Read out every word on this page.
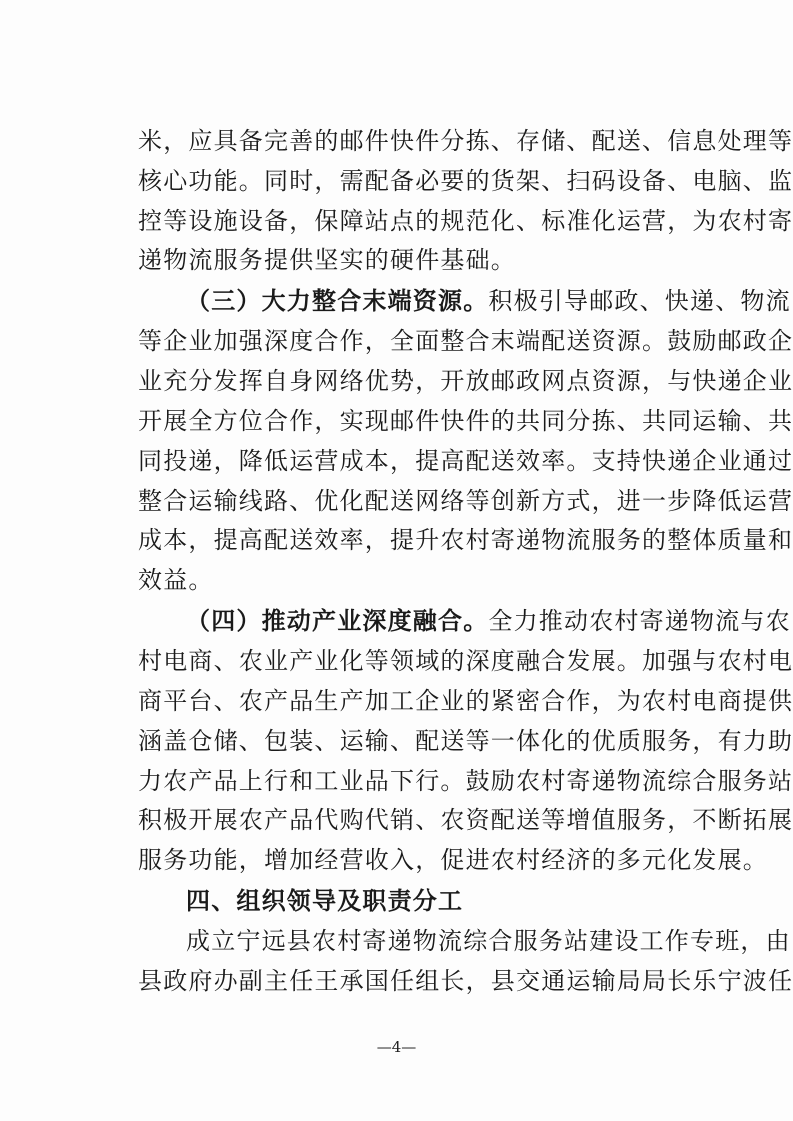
米，应具备完善的邮件快件分拣、存储、配送、信息处理等
核心功能。同时，需配备必要的货架、扫码设备、电脑、监
控等设施设备，保障站点的规范化、标准化运营，为农村寄
递物流服务提供坚实的硬件基础。
（三）大力整合末端资源。积极引导邮政、快递、物流
等企业加强深度合作，全面整合末端配送资源。鼓励邮政企
业充分发挥自身网络优势，开放邮政网点资源，与快递企业
开展全方位合作，实现邮件快件的共同分拣、共同运输、共
同投递，降低运营成本，提高配送效率。支持快递企业通过
整合运输线路、优化配送网络等创新方式，进一步降低运营
成本，提高配送效率，提升农村寄递物流服务的整体质量和
效益。
（四）推动产业深度融合。全力推动农村寄递物流与农
村电商、农业产业化等领域的深度融合发展。加强与农村电
商平台、农产品生产加工企业的紧密合作，为农村电商提供
涵盖仓储、包装、运输、配送等一体化的优质服务，有力助
力农产品上行和工业品下行。鼓励农村寄递物流综合服务站
积极开展农产品代购代销、农资配送等增值服务，不断拓展
服务功能，增加经营收入，促进农村经济的多元化发展。
四、组织领导及职责分工
成立宁远县农村寄递物流综合服务站建设工作专班，由
县政府办副主任王承国任组长，县交通运输局局长乐宁波任
—4—
